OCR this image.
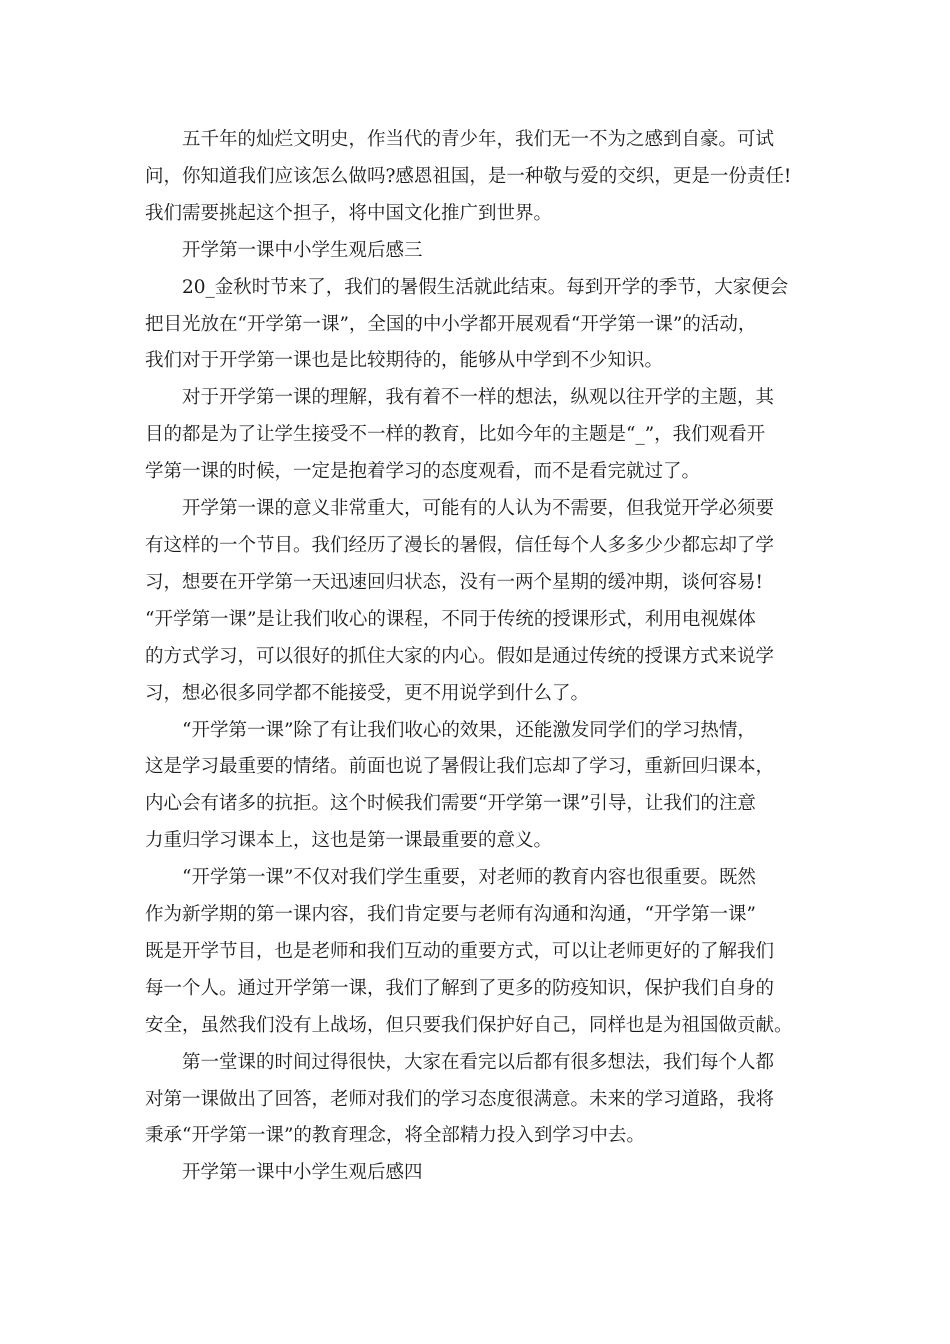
五千年的灿烂文明史，作当代的青少年，我们无一不为之感到自豪。可试
问，你知道我们应该怎么做吗?感恩祖国，是一种敬与爱的交织，更是一份责任!
我们需要挑起这个担子，将中国文化推广到世界。
开学第一课中小学生观后感三
20_金秋时节来了，我们的暑假生活就此结束。每到开学的季节，大家便会
把目光放在“开学第一课”，全国的中小学都开展观看“开学第一课”的活动，
我们对于开学第一课也是比较期待的，能够从中学到不少知识。
对于开学第一课的理解，我有着不一样的想法，纵观以往开学的主题，其
目的都是为了让学生接受不一样的教育，比如今年的主题是“_”，我们观看开
学第一课的时候，一定是抱着学习的态度观看，而不是看完就过了。
开学第一课的意义非常重大，可能有的人认为不需要，但我觉开学必须要
有这样的一个节目。我们经历了漫长的暑假，信任每个人多多少少都忘却了学
习，想要在开学第一天迅速回归状态，没有一两个星期的缓冲期，谈何容易!
“开学第一课”是让我们收心的课程，不同于传统的授课形式，利用电视媒体
的方式学习，可以很好的抓住大家的内心。假如是通过传统的授课方式来说学
习，想必很多同学都不能接受，更不用说学到什么了。
“开学第一课”除了有让我们收心的效果，还能激发同学们的学习热情，
这是学习最重要的情绪。前面也说了暑假让我们忘却了学习，重新回归课本，
内心会有诸多的抗拒。这个时候我们需要“开学第一课”引导，让我们的注意
力重归学习课本上，这也是第一课最重要的意义。
“开学第一课”不仅对我们学生重要，对老师的教育内容也很重要。既然
作为新学期的第一课内容，我们肯定要与老师有沟通和沟通，“开学第一课”
既是开学节目，也是老师和我们互动的重要方式，可以让老师更好的了解我们
每一个人。通过开学第一课，我们了解到了更多的防疫知识，保护我们自身的
安全，虽然我们没有上战场，但只要我们保护好自己，同样也是为祖国做贡献。
第一堂课的时间过得很快，大家在看完以后都有很多想法，我们每个人都
对第一课做出了回答，老师对我们的学习态度很满意。未来的学习道路，我将
秉承“开学第一课”的教育理念，将全部精力投入到学习中去。
开学第一课中小学生观后感四
